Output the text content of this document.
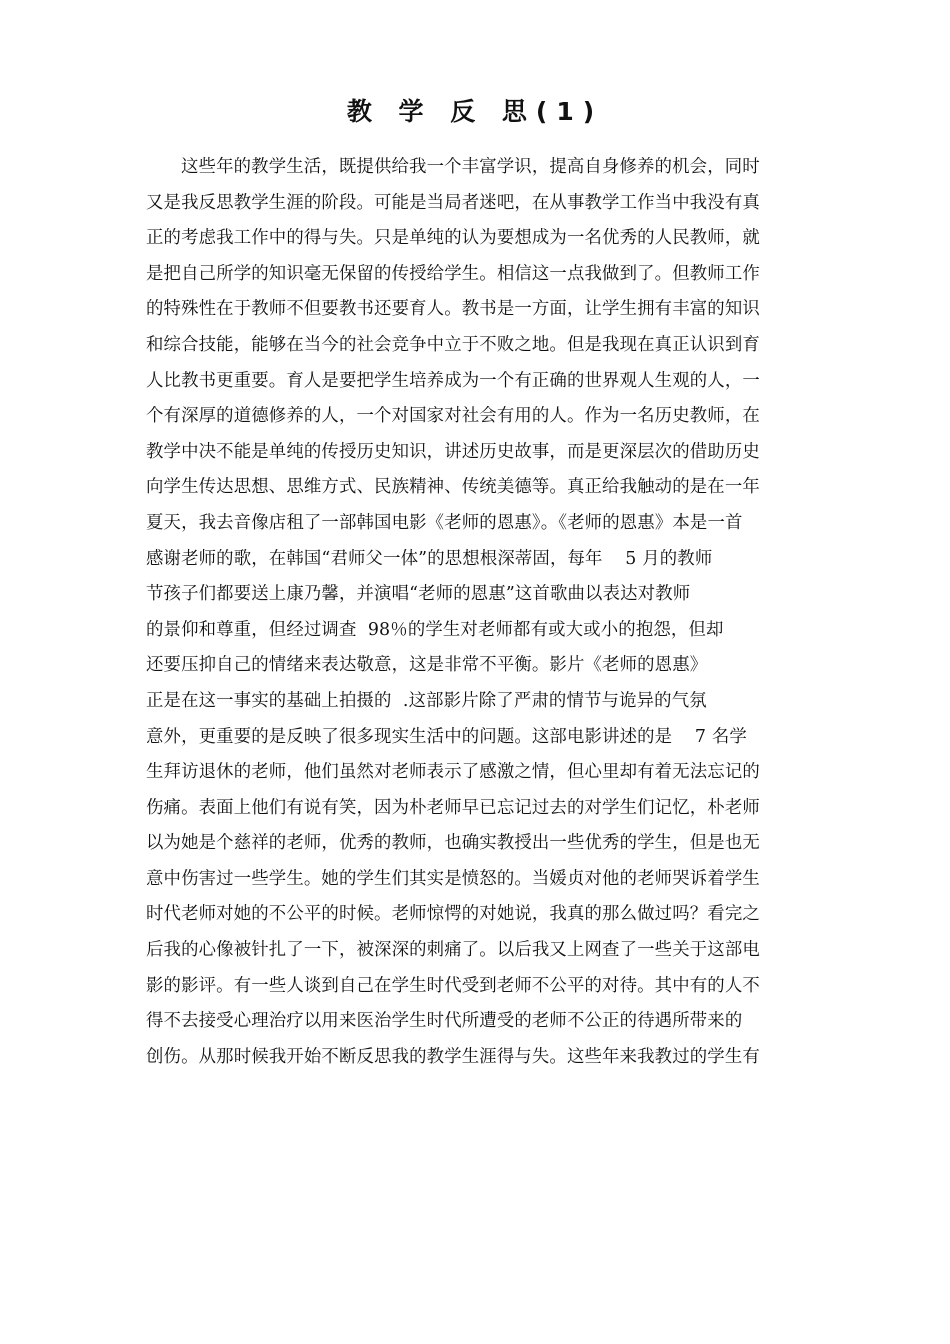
教 学 反 思(1)
这些年的教学生活，既提供给我一个丰富学识，提高自身修养的机会，同时
又是我反思教学生涯的阶段。可能是当局者迷吧，在从事教学工作当中我没有真
正的考虑我工作中的得与失。只是单纯的认为要想成为一名优秀的人民教师，就
是把自己所学的知识毫无保留的传授给学生。相信这一点我做到了。但教师工作
的特殊性在于教师不但要教书还要育人。教书是一方面，让学生拥有丰富的知识
和综合技能，能够在当今的社会竞争中立于不败之地。但是我现在真正认识到育
人比教书更重要。育人是要把学生培养成为一个有正确的世界观人生观的人，一
个有深厚的道德修养的人，一个对国家对社会有用的人。作为一名历史教师，在
教学中决不能是单纯的传授历史知识，讲述历史故事，而是更深层次的借助历史
向学生传达思想、思维方式、民族精神、传统美德等。真正给我触动的是在一年
夏天，我去音像店租了一部韩国电影《老师的恩惠》。《老师的恩惠》本是一首
感谢老师的歌，在韩国“君师父一体”的思想根深蒂固，每年    5 月的教师
节孩子们都要送上康乃馨，并演唱“老师的恩惠”这首歌曲以表达对教师
的景仰和尊重，但经过调查  98％的学生对老师都有或大或小的抱怨，但却
还要压抑自己的情绪来表达敬意，这是非常不平衡。影片《老师的恩惠》
正是在这一事实的基础上拍摄的  .这部影片除了严肃的情节与诡异的气氛
意外，更重要的是反映了很多现实生活中的问题。这部电影讲述的是    7 名学
生拜访退休的老师，他们虽然对老师表示了感激之情，但心里却有着无法忘记的
伤痛。表面上他们有说有笑，因为朴老师早已忘记过去的对学生们记忆，朴老师
以为她是个慈祥的老师，优秀的教师，也确实教授出一些优秀的学生，但是也无
意中伤害过一些学生。她的学生们其实是愤怒的。当媛贞对他的老师哭诉着学生
时代老师对她的不公平的时候。老师惊愕的对她说，我真的那么做过吗？看完之
后我的心像被针扎了一下，被深深的刺痛了。以后我又上网查了一些关于这部电
影的影评。有一些人谈到自己在学生时代受到老师不公平的对待。其中有的人不
得不去接受心理治疗以用来医治学生时代所遭受的老师不公正的待遇所带来的
创伤。从那时候我开始不断反思我的教学生涯得与失。这些年来我教过的学生有
